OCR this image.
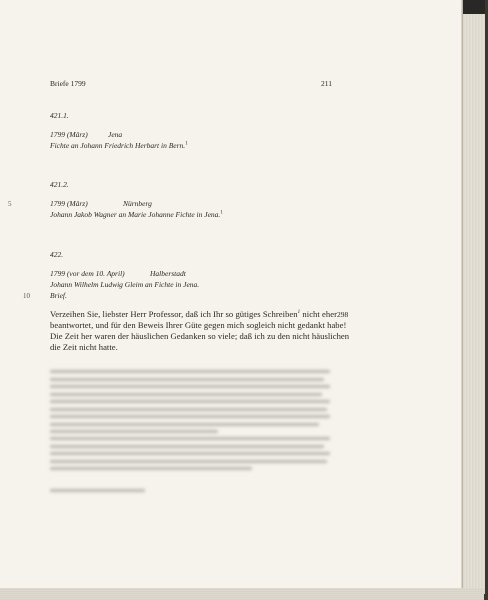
Briefe 1799	211
421.1.
1799 (März)	Jena
Fichte an Johann Friedrich Herbart in Bern.$^1$
421.2.
5	1799 (März)	Nürnberg
Johann Jakob Wagner an Marie Johanne Fichte in Jena.$^1$
422.
1799 (vor dem 10. April)	Halberstadt
Johann Wilhelm Ludwig Gleim an Fichte in Jena.
10	Brief.
Verzeihen Sie, liebster Herr Professor, daß ich Ihr so gütiges Schreiben$^1$ nicht eher 298
beantwortet, und für den Beweis Ihrer Güte gegen mich sogleich nicht gedankt habe!
Die Zeit her waren der häuslichen Gedanken so viele; daß ich zu den nicht häuslichen
die Zeit nicht hatte.
